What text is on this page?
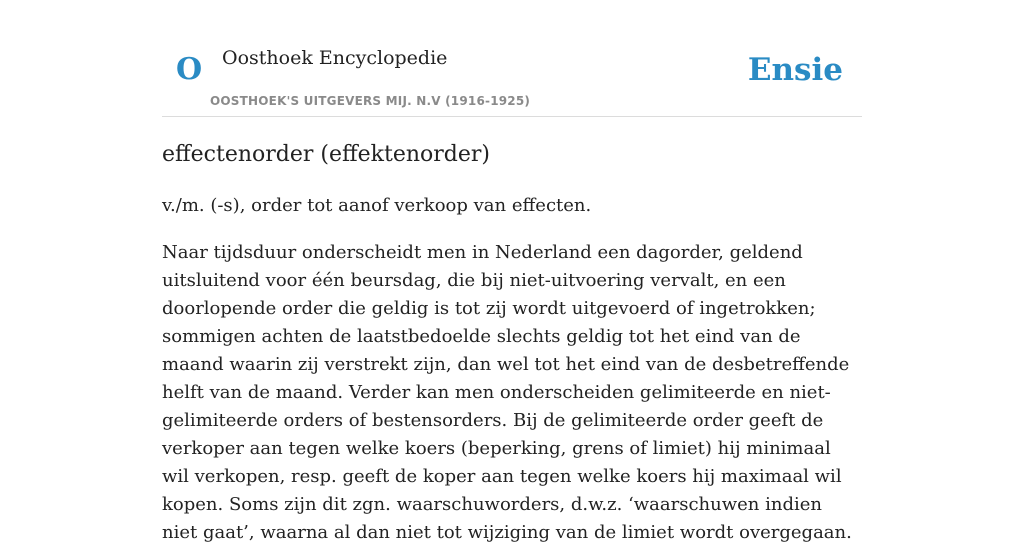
O Oosthoek Encyclopedie
OOSTHOEK'S UITGEVERS MIJ. N.V (1916-1925)
Ensie
effectenorder (effektenorder)

v./m. (-s), order tot aanof verkoop van effecten.

Naar tijdsduur onderscheidt men in Nederland een dagorder, geldend uitsluitend voor één beursdag, die bij niet-uitvoering vervalt, en een doorlopende order die geldig is tot zij wordt uitgevoerd of ingetrokken; sommigen achten de laatstbedoelde slechts geldig tot het eind van de maand waarin zij verstrekt zijn, dan wel tot het eind van de desbetreffende helft van de maand. Verder kan men onderscheiden gelimiteerde en niet-gelimiteerde orders of bestensorders. Bij de gelimiteerde order geeft de verkoper aan tegen welke koers (beperking, grens of limiet) hij minimaal wil verkopen, resp. geeft de koper aan tegen welke koers hij maximaal wil kopen. Soms zijn dit zgn. waarschuworders, d.w.z. ‘waarschuwen indien niet gaat’, waarna al dan niet tot wijziging van de limiet wordt overgegaan.
